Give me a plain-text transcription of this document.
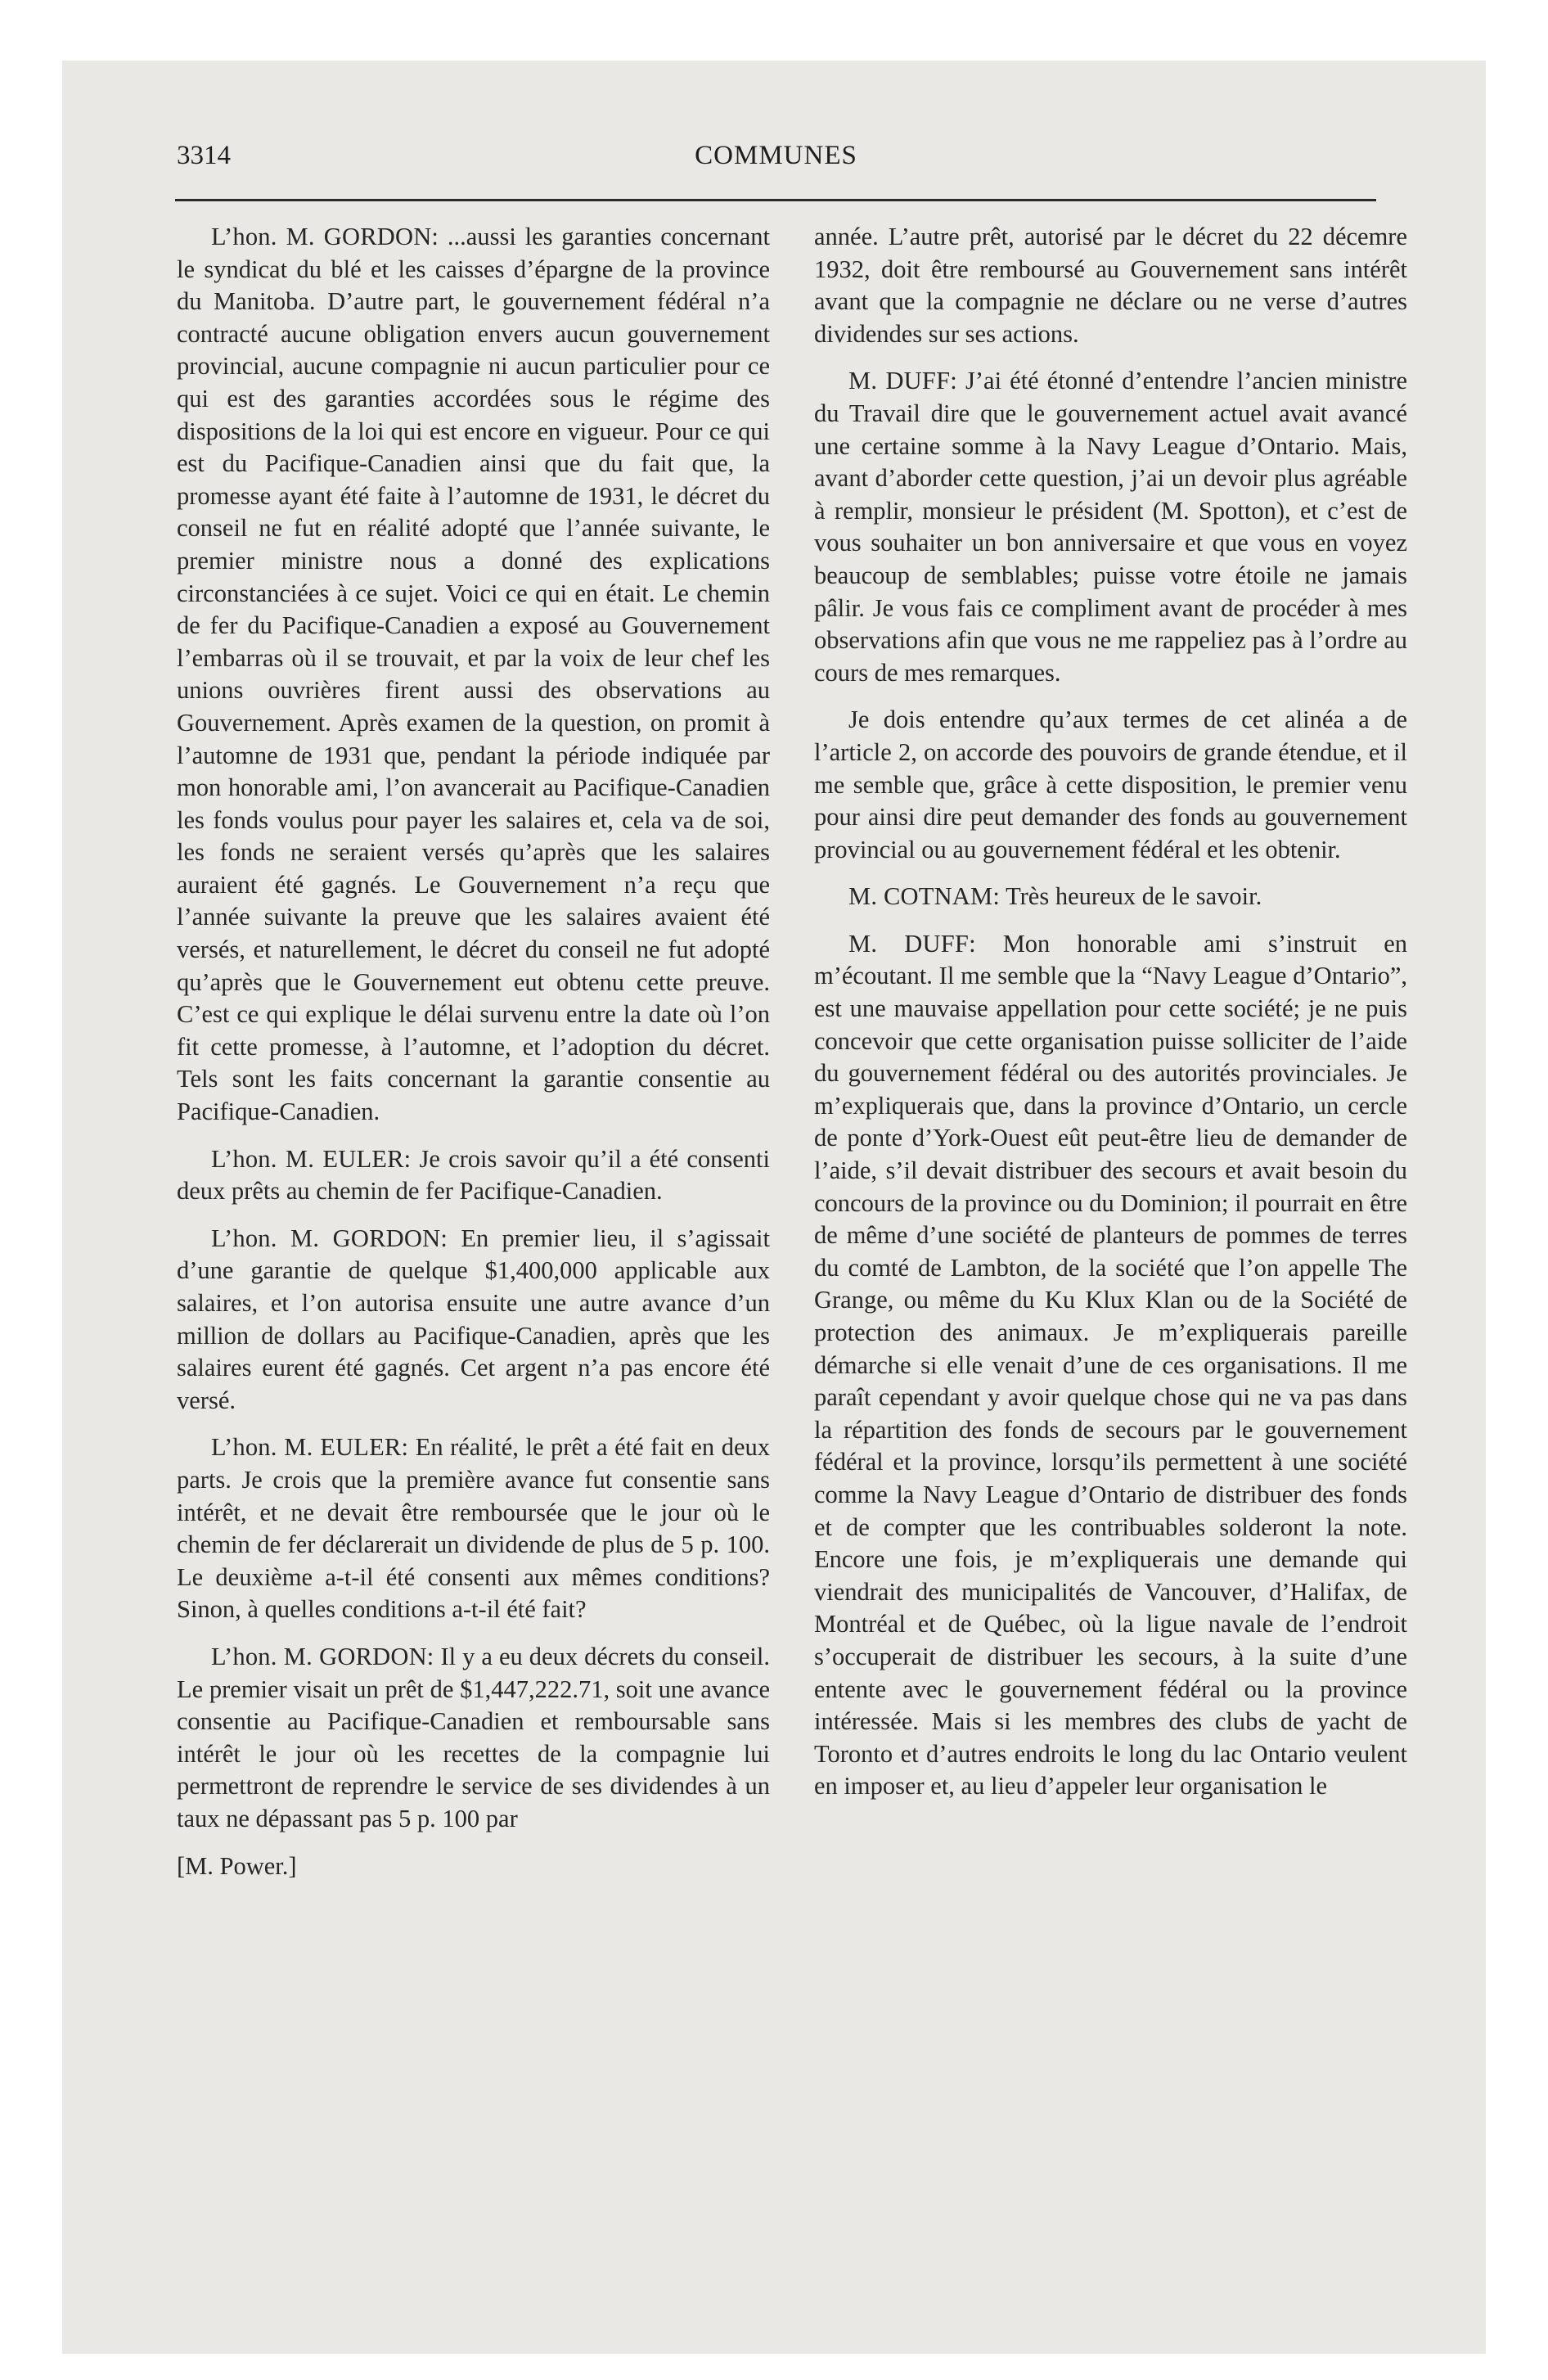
3314	COMMUNES

L’hon. M. GORDON: ...aussi les garanties concernant le syndicat du blé et les caisses d’épargne de la province du Manitoba. D’autre part, le gouvernement fédéral n’a contracté aucune obligation envers aucun gouvernement provincial, aucune compagnie ni aucun particulier pour ce qui est des garanties accordées sous le régime des dispositions de la loi qui est encore en vigueur. Pour ce qui est du Pacifique-Canadien ainsi que du fait que, la promesse ayant été faite à l’automne de 1931, le décret du conseil ne fut en réalité adopté que l’année suivante, le premier ministre nous a donné des explications circonstanciées à ce sujet. Voici ce qui en était. Le chemin de fer du Pacifique-Canadien a exposé au Gouvernement l’embarras où il se trouvait, et par la voix de leur chef les unions ouvrières firent aussi des observations au Gouvernement. Après examen de la question, on promit à l’automne de 1931 que, pendant la période indiquée par mon honorable ami, l’on avancerait au Pacifique-Canadien les fonds voulus pour payer les salaires et, cela va de soi, les fonds ne seraient versés qu’après que les salaires auraient été gagnés. Le Gouvernement n’a reçu que l’année suivante la preuve que les salaires avaient été versés, et naturellement, le décret du conseil ne fut adopté qu’après que le Gouvernement eut obtenu cette preuve. C’est ce qui explique le délai survenu entre la date où l’on fit cette promesse, à l’automne, et l’adoption du décret. Tels sont les faits concernant la garantie consentie au Pacifique-Canadien.

L’hon. M. EULER: Je crois savoir qu’il a été consenti deux prêts au chemin de fer Pacifique-Canadien.

L’hon. M. GORDON: En premier lieu, il s’agissait d’une garantie de quelque $1,400,000 applicable aux salaires, et l’on autorisa ensuite une autre avance d’un million de dollars au Pacifique-Canadien, après que les salaires eurent été gagnés. Cet argent n’a pas encore été versé.

L’hon. M. EULER: En réalité, le prêt a été fait en deux parts. Je crois que la première avance fut consentie sans intérêt, et ne devait être remboursée que le jour où le chemin de fer déclarerait un dividende de plus de 5 p. 100. Le deuxième a-t-il été consenti aux mêmes conditions? Sinon, à quelles conditions a-t-il été fait?

L’hon. M. GORDON: Il y a eu deux décrets du conseil. Le premier visait un prêt de $1,447,222.71, soit une avance consentie au Pacifique-Canadien et remboursable sans intérêt le jour où les recettes de la compagnie lui permettront de reprendre le service de ses dividendes à un taux ne dépassant pas 5 p. 100 par

[M. Power.]

année. L’autre prêt, autorisé par le décret du 22 décemre 1932, doit être remboursé au Gouvernement sans intérêt avant que la compagnie ne déclare ou ne verse d’autres dividendes sur ses actions.

M. DUFF: J’ai été étonné d’entendre l’ancien ministre du Travail dire que le gouvernement actuel avait avancé une certaine somme à la Navy League d’Ontario. Mais, avant d’aborder cette question, j’ai un devoir plus agréable à remplir, monsieur le président (M. Spotton), et c’est de vous souhaiter un bon anniversaire et que vous en voyez beaucoup de semblables; puisse votre étoile ne jamais pâlir. Je vous fais ce compliment avant de procéder à mes observations afin que vous ne me rappeliez pas à l’ordre au cours de mes remarques.

Je dois entendre qu’aux termes de cet alinéa a de l’article 2, on accorde des pouvoirs de grande étendue, et il me semble que, grâce à cette disposition, le premier venu pour ainsi dire peut demander des fonds au gouvernement provincial ou au gouvernement fédéral et les obtenir.

M. COTNAM: Très heureux de le savoir.

M. DUFF: Mon honorable ami s’instruit en m’écoutant. Il me semble que la “Navy League d’Ontario”, est une mauvaise appellation pour cette société; je ne puis concevoir que cette organisation puisse solliciter de l’aide du gouvernement fédéral ou des autorités provinciales. Je m’expliquerais que, dans la province d’Ontario, un cercle de ponte d’York-Ouest eût peut-être lieu de demander de l’aide, s’il devait distribuer des secours et avait besoin du concours de la province ou du Dominion; il pourrait en être de même d’une société de planteurs de pommes de terres du comté de Lambton, de la société que l’on appelle The Grange, ou même du Ku Klux Klan ou de la Société de protection des animaux. Je m’expliquerais pareille démarche si elle venait d’une de ces organisations. Il me paraît cependant y avoir quelque chose qui ne va pas dans la répartition des fonds de secours par le gouvernement fédéral et la province, lorsqu’ils permettent à une société comme la Navy League d’Ontario de distribuer des fonds et de compter que les contribuables solderont la note. Encore une fois, je m’expliquerais une demande qui viendrait des municipalités de Vancouver, d’Halifax, de Montréal et de Québec, où la ligue navale de l’endroit s’occuperait de distribuer les secours, à la suite d’une entente avec le gouvernement fédéral ou la province intéressée. Mais si les membres des clubs de yacht de Toronto et d’autres endroits le long du lac Ontario veulent en imposer et, au lieu d’appeler leur organisation le
